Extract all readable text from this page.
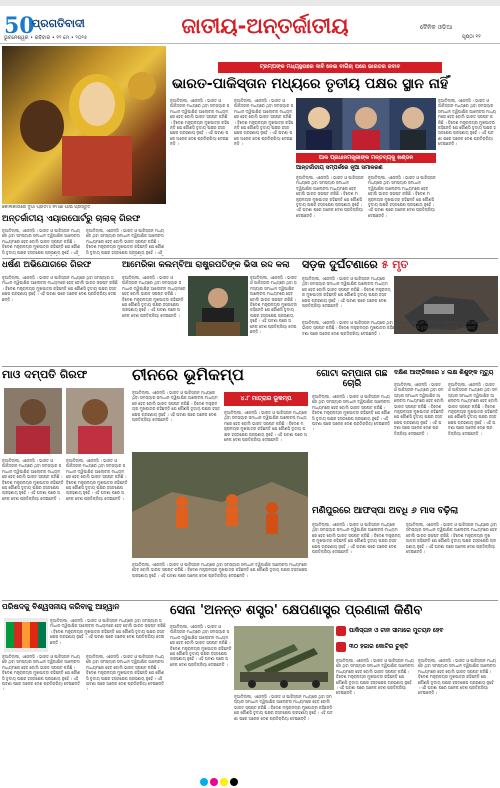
50
ପ୍ରଗତିବାଦୀ	ଜାତୀୟ-ଅନ୍ତର୍ଜାତୀୟ	ଦୈନିକ ଓଡ଼ିଆ
ଭୁବନେଶ୍ୱର • ରବିବାର • ୧୨ ମେ • ୨୦୨୫	ପୃଷ୍ଠା ୧୧
କୋଲକାତାରେ ଦୁର୍ଗା ପ୍ରତିମା ନିର୍ମାଣ ପାଇଁ ପ୍ରସ୍ତୁତି
ଅନ୍ତର୍ଜାତୀୟ ଏୟାରପୋର୍ଟରୁ ଚାଲାକ୍ ଗିରଫ
ନୂଆଦିଲ୍ଲୀ, ଏଜେନ୍ସି । ଭାରତ ଓ ପାକିସ୍ତାନ ମଧ୍ୟରେ ଥିବା ସମସ୍ୟାର ସମାଧାନ ଦ୍ୱିପାକ୍ଷିକ ଆଲୋଚନା ମାଧ୍ୟମରେ ହେବ ବୋଲି ଭାରତ ସ୍ପଷ୍ଟ କରିଛି । ବିଦେଶ ମନ୍ତ୍ରାଳୟର ମୁଖପାତ୍ର କହିଛନ୍ତି ଯେ କୌଣସି ତୃତୀୟ ପକ୍ଷର ହସ୍ତକ୍ଷେପ ଗ୍ରହଣୀୟ ନୁହେଁ । ଏହି
ନୂଆଦିଲ୍ଲୀ, ଏଜେନ୍ସି । ଭାରତ ଓ ପାକିସ୍ତାନ ମଧ୍ୟରେ ଥିବା ସମସ୍ୟାର ସମାଧାନ ଦ୍ୱିପାକ୍ଷିକ ଆଲୋଚନା ମାଧ୍ୟମରେ ହେବ ବୋଲି ଭାରତ ସ୍ପଷ୍ଟ କରିଛି । ବିଦେଶ ମନ୍ତ୍ରାଳୟର ମୁଖପାତ୍ର କହିଛନ୍ତି ଯେ କୌଣସି ତୃତୀୟ ପକ୍ଷର ହସ୍ତକ୍ଷେପ ଗ୍ରହଣୀୟ ନୁହେଁ । ଏହି
ଟ୍ରମ୍ପଙ୍କ ମଧ୍ୟସ୍ଥତାରେ ଦାବି ନେଇ ବାଗିଚା ଘରେ ଭାରତର ଜବାବ
ଭାରତ-ପାକିସ୍ତାନ ମଧ୍ୟରେ ତୃତୀୟ ପକ୍ଷର ସ୍ଥାନ ନାହିଁ
ନୂଆଦିଲ୍ଲୀ, ଏଜେନ୍ସି । ଭାରତ ଓ ପାକିସ୍ତାନ ମଧ୍ୟରେ ଥିବା ସମସ୍ୟାର ସମାଧାନ ଦ୍ୱିପାକ୍ଷିକ ଆଲୋଚନା ମାଧ୍ୟମରେ ହେବ ବୋଲି ଭାରତ ସ୍ପଷ୍ଟ କରିଛି । ବିଦେଶ ମନ୍ତ୍ରାଳୟର ମୁଖପାତ୍ର କହିଛନ୍ତି ଯେ କୌଣସି ତୃତୀୟ ପକ୍ଷର ହସ୍ତକ୍ଷେପ ଗ୍ରହଣୀୟ ନୁହେଁ । ଏହି ଘଟଣା ପରେ ଅନେକ ଦେଶ ପ୍ରତିକ୍ରିୟା ଦେଇଛନ୍ତି ।
ନୂଆଦିଲ୍ଲୀ, ଏଜେନ୍ସି । ଭାରତ ଓ ପାକିସ୍ତାନ ମଧ୍ୟରେ ଥିବା ସମସ୍ୟାର ସମାଧାନ ଦ୍ୱିପାକ୍ଷିକ ଆଲୋଚନା ମାଧ୍ୟମରେ ହେବ ବୋଲି ଭାରତ ସ୍ପଷ୍ଟ କରିଛି । ବିଦେଶ ମନ୍ତ୍ରାଳୟର ମୁଖପାତ୍ର କହିଛନ୍ତି ଯେ କୌଣସି ତୃତୀୟ ପକ୍ଷର ହସ୍ତକ୍ଷେପ ଗ୍ରହଣୀୟ ନୁହେଁ । ଏହି ଘଟଣା ପରେ ଅନେକ ଦେଶ ପ୍ରତିକ୍ରିୟା ଦେଇଛନ୍ତି ।
ନୂଆଦିଲ୍ଲୀ, ଏଜେନ୍ସି । ଭାରତ ଓ ପାକିସ୍ତାନ ମଧ୍ୟରେ ଥିବା ସମସ୍ୟାର ସମାଧାନ ଦ୍ୱିପାକ୍ଷିକ ଆଲୋଚନା ମାଧ୍ୟମରେ ହେବ ବୋଲି ଭାରତ ସ୍ପଷ୍ଟ କରିଛି । ବିଦେଶ ମନ୍ତ୍ରାଳୟର ମୁଖପାତ୍ର କହିଛନ୍ତି ଯେ କୌଣସି ତୃତୀୟ ପକ୍ଷର ହସ୍ତକ୍ଷେପ ଗ୍ରହଣୀୟ ନୁହେଁ । ଏହି ଘଟଣା ପରେ ଅନେକ ଦେଶ ପ୍ରତିକ୍ରିୟା ଦେଇଛନ୍ତି ।
ପାକ ପ୍ରଧାନମନ୍ତ୍ରୀଙ୍କ ମନ୍ତବ୍ୟକୁ ଖଣ୍ଡନ
ଆନ୍ତର୍ଜାତୀୟ ସମ୍ପର୍କରେ ନୂଆ ସମୀକରଣ
ନୂଆଦିଲ୍ଲୀ, ଏଜେନ୍ସି । ଭାରତ ଓ ପାକିସ୍ତାନ ମଧ୍ୟରେ ଥିବା ସମସ୍ୟାର ସମାଧାନ ଦ୍ୱିପାକ୍ଷିକ ଆଲୋଚନା ମାଧ୍ୟମରେ ହେବ ବୋଲି ଭାରତ ସ୍ପଷ୍ଟ କରିଛି । ବିଦେଶ ମନ୍ତ୍ରାଳୟର ମୁଖପାତ୍ର କହିଛନ୍ତି ଯେ କୌଣସି ତୃତୀୟ ପକ୍ଷର ହସ୍ତକ୍ଷେପ ଗ୍ରହଣୀୟ ନୁହେଁ । ଏହି ଘଟଣା ପରେ ଅନେକ ଦେଶ ପ୍ରତିକ୍ରିୟା ଦେଇଛନ୍ତି ।
ନୂଆଦିଲ୍ଲୀ, ଏଜେନ୍ସି । ଭାରତ ଓ ପାକିସ୍ତାନ ମଧ୍ୟରେ ଥିବା ସମସ୍ୟାର ସମାଧାନ ଦ୍ୱିପାକ୍ଷିକ ଆଲୋଚନା ମାଧ୍ୟମରେ ହେବ ବୋଲି ଭାରତ ସ୍ପଷ୍ଟ କରିଛି । ବିଦେଶ ମନ୍ତ୍ରାଳୟର ମୁଖପାତ୍ର କହିଛନ୍ତି ଯେ କୌଣସି ତୃତୀୟ ପକ୍ଷର ହସ୍ତକ୍ଷେପ ଗ୍ରହଣୀୟ ନୁହେଁ । ଏହି ଘଟଣା ପରେ ଅନେକ ଦେଶ ପ୍ରତିକ୍ରିୟା ଦେଇଛନ୍ତି ।
ଧର୍ଷଣ ଅଭିଯୋଗରେ ଗିରଫ
ନୂଆଦିଲ୍ଲୀ, ଏଜେନ୍ସି । ଭାରତ ଓ ପାକିସ୍ତାନ ମଧ୍ୟରେ ଥିବା ସମସ୍ୟାର ସମାଧାନ ଦ୍ୱିପାକ୍ଷିକ ଆଲୋଚନା ମାଧ୍ୟମରେ ହେବ ବୋଲି ଭାରତ ସ୍ପଷ୍ଟ କରିଛି । ବିଦେଶ ମନ୍ତ୍ରାଳୟର ମୁଖପାତ୍ର କହିଛନ୍ତି ଯେ କୌଣସି ତୃତୀୟ ପକ୍ଷର ହସ୍ତକ୍ଷେପ ଗ୍ରହଣୀୟ ନୁହେଁ । ଏହି ଘଟଣା ପରେ ଅନେକ ଦେଶ ପ୍ରତିକ୍ରିୟା ଦେଇଛନ୍ତି ।
ଆମେରିକା କଲମ୍ବିଆ ରାଷ୍ଟ୍ରପତିଙ୍କ ଭିସା ରଦ୍ଦ କଲା
ନୂଆଦିଲ୍ଲୀ, ଏଜେନ୍ସି । ଭାରତ ଓ ପାକିସ୍ତାନ ମଧ୍ୟରେ ଥିବା ସମସ୍ୟାର ସମାଧାନ ଦ୍ୱିପାକ୍ଷିକ ଆଲୋଚନା ମାଧ୍ୟମରେ ହେବ ବୋଲି ଭାରତ ସ୍ପଷ୍ଟ କରିଛି । ବିଦେଶ ମନ୍ତ୍ରାଳୟର ମୁଖପାତ୍ର କହିଛନ୍ତି ଯେ କୌଣସି ତୃତୀୟ ପକ୍ଷର ହସ୍ତକ୍ଷେପ ଗ୍ରହଣୀୟ ନୁହେଁ । ଏହି ଘଟଣା ପରେ ଅନେକ ଦେଶ ପ୍ରତିକ୍ରିୟା ଦେଇଛନ୍ତି ।
ନୂଆଦିଲ୍ଲୀ, ଏଜେନ୍ସି । ଭାରତ ଓ ପାକିସ୍ତାନ ମଧ୍ୟରେ ଥିବା ସମସ୍ୟାର ସମାଧାନ ଦ୍ୱିପାକ୍ଷିକ ଆଲୋଚନା ମାଧ୍ୟମରେ ହେବ ବୋଲି ଭାରତ ସ୍ପଷ୍ଟ କରିଛି । ବିଦେଶ ମନ୍ତ୍ରାଳୟର ମୁଖପାତ୍ର କହିଛନ୍ତି ଯେ କୌଣସି ତୃତୀୟ ପକ୍ଷର ହସ୍ତକ୍ଷେପ ଗ୍ରହଣୀୟ ନୁହେଁ । ଏହି ଘଟଣା ପରେ ଅନେକ ଦେଶ ପ୍ରତିକ୍ରିୟା ଦେଇଛନ୍ତି ।
ସଡ଼କ ଦୁର୍ଘଟଣାରେ ୫ ମୃତ
ନୂଆଦିଲ୍ଲୀ, ଏଜେନ୍ସି । ଭାରତ ଓ ପାକିସ୍ତାନ ମଧ୍ୟରେ ଥିବା ସମସ୍ୟାର ସମାଧାନ ଦ୍ୱିପାକ୍ଷିକ ଆଲୋଚନା ମାଧ୍ୟମରେ ହେବ ବୋଲି ଭାରତ ସ୍ପଷ୍ଟ କରିଛି । ବିଦେଶ ମନ୍ତ୍ରାଳୟର ମୁଖପାତ୍ର କହିଛନ୍ତି ଯେ କୌଣସି ତୃତୀୟ ପକ୍ଷର ହସ୍ତକ୍ଷେପ ଗ୍ରହଣୀୟ ନୁହେଁ । ଏହି ଘଟଣା ପରେ ଅନେକ ଦେଶ ପ୍ରତିକ୍ରିୟା ଦେଇଛନ୍ତି ।
ନୂଆଦିଲ୍ଲୀ, ଏଜେନ୍ସି । ଭାରତ ଓ ପାକିସ୍ତାନ ମଧ୍ୟରେ ଥିବା ସମସ୍ୟାର ସମାଧାନ ଦ୍ୱିପାକ୍ଷିକ ଆଲୋଚନା ମାଧ୍ୟମରେ ହେବ ବୋଲି ଭାରତ ସ୍ପଷ୍ଟ କରିଛି । ବିଦେଶ ମନ୍ତ୍ରାଳୟର ମୁଖପାତ୍ର କହିଛନ୍ତି ଯେ କୌଣସି ତୃତୀୟ ପକ୍ଷର ହସ୍ତକ୍ଷେପ ଗ୍ରହଣୀୟ ନୁହେଁ । ଏହି ଘଟଣା ପରେ ଅନେକ ଦେଶ ପ୍ରତିକ୍ରିୟା ଦେଇଛନ୍ତି ।
ମାଓ ଦମ୍ପତି ଗିରଫ
ନୂଆଦିଲ୍ଲୀ, ଏଜେନ୍ସି । ଭାରତ ଓ ପାକିସ୍ତାନ ମଧ୍ୟରେ ଥିବା ସମସ୍ୟାର ସମାଧାନ ଦ୍ୱିପାକ୍ଷିକ ଆଲୋଚନା ମାଧ୍ୟମରେ ହେବ ବୋଲି ଭାରତ ସ୍ପଷ୍ଟ କରିଛି । ବିଦେଶ ମନ୍ତ୍ରାଳୟର ମୁଖପାତ୍ର କହିଛନ୍ତି ଯେ କୌଣସି ତୃତୀୟ ପକ୍ଷର ହସ୍ତକ୍ଷେପ ଗ୍ରହଣୀୟ ନୁହେଁ । ଏହି ଘଟଣା ପରେ ଅନେକ ଦେଶ ପ୍ରତିକ୍ରିୟା ଦେଇଛନ୍ତି ।
ନୂଆଦିଲ୍ଲୀ, ଏଜେନ୍ସି । ଭାରତ ଓ ପାକିସ୍ତାନ ମଧ୍ୟରେ ଥିବା ସମସ୍ୟାର ସମାଧାନ ଦ୍ୱିପାକ୍ଷିକ ଆଲୋଚନା ମାଧ୍ୟମରେ ହେବ ବୋଲି ଭାରତ ସ୍ପଷ୍ଟ କରିଛି । ବିଦେଶ ମନ୍ତ୍ରାଳୟର ମୁଖପାତ୍ର କହିଛନ୍ତି ଯେ କୌଣସି ତୃତୀୟ ପକ୍ଷର ହସ୍ତକ୍ଷେପ ଗ୍ରହଣୀୟ ନୁହେଁ । ଏହି ଘଟଣା ପରେ ଅନେକ ଦେଶ ପ୍ରତିକ୍ରିୟା ଦେଇଛନ୍ତି ।
ଚୀନରେ ଭୂମିକମ୍ପ
ନୂଆଦିଲ୍ଲୀ, ଏଜେନ୍ସି । ଭାରତ ଓ ପାକିସ୍ତାନ ମଧ୍ୟରେ ଥିବା ସମସ୍ୟାର ସମାଧାନ ଦ୍ୱିପାକ୍ଷିକ ଆଲୋଚନା ମାଧ୍ୟମରେ ହେବ ବୋଲି ଭାରତ ସ୍ପଷ୍ଟ କରିଛି । ବିଦେଶ ମନ୍ତ୍ରାଳୟର ମୁଖପାତ୍ର କହିଛନ୍ତି ଯେ କୌଣସି ତୃତୀୟ ପକ୍ଷର ହସ୍ତକ୍ଷେପ ଗ୍ରହଣୀୟ ନୁହେଁ । ଏହି ଘଟଣା ପରେ ଅନେକ ଦେଶ ପ୍ରତିକ୍ରିୟା ଦେଇଛନ୍ତି ।
୪.୮ ମାତ୍ରାର ଭୂକମ୍ପ
ନୂଆଦିଲ୍ଲୀ, ଏଜେନ୍ସି । ଭାରତ ଓ ପାକିସ୍ତାନ ମଧ୍ୟରେ ଥିବା ସମସ୍ୟାର ସମାଧାନ ଦ୍ୱିପାକ୍ଷିକ ଆଲୋଚନା ମାଧ୍ୟମରେ ହେବ ବୋଲି ଭାରତ ସ୍ପଷ୍ଟ କରିଛି । ବିଦେଶ ମନ୍ତ୍ରାଳୟର ମୁଖପାତ୍ର କହିଛନ୍ତି ଯେ କୌଣସି ତୃତୀୟ ପକ୍ଷର ହସ୍ତକ୍ଷେପ ଗ୍ରହଣୀୟ ନୁହେଁ । ଏହି ଘଟଣା ପରେ ଅନେକ ଦେଶ ପ୍ରତିକ୍ରିୟା ଦେଇଛନ୍ତି ।
ନୂଆଦିଲ୍ଲୀ, ଏଜେନ୍ସି । ଭାରତ ଓ ପାକିସ୍ତାନ ମଧ୍ୟରେ ଥିବା ସମସ୍ୟାର ସମାଧାନ ଦ୍ୱିପାକ୍ଷିକ ଆଲୋଚନା ମାଧ୍ୟମରେ ହେବ ବୋଲି ଭାରତ ସ୍ପଷ୍ଟ କରିଛି । ବିଦେଶ ମନ୍ତ୍ରାଳୟର ମୁଖପାତ୍ର କହିଛନ୍ତି ଯେ କୌଣସି ତୃତୀୟ ପକ୍ଷର ହସ୍ତକ୍ଷେପ ଗ୍ରହଣୀୟ ନୁହେଁ । ଏହି ଘଟଣା ପରେ ଅନେକ ଦେଶ ପ୍ରତିକ୍ରିୟା ଦେଇଛନ୍ତି ।
ଗୋଟା କମ୍ପାନୀ ଗଛ ଚୋରି
ନୂଆଦିଲ୍ଲୀ, ଏଜେନ୍ସି । ଭାରତ ଓ ପାକିସ୍ତାନ ମଧ୍ୟରେ ଥିବା ସମସ୍ୟାର ସମାଧାନ ଦ୍ୱିପାକ୍ଷିକ ଆଲୋଚନା ମାଧ୍ୟମରେ ହେବ ବୋଲି ଭାରତ ସ୍ପଷ୍ଟ କରିଛି । ବିଦେଶ ମନ୍ତ୍ରାଳୟର ମୁଖପାତ୍ର କହିଛନ୍ତି ଯେ କୌଣସି ତୃତୀୟ ପକ୍ଷର ହସ୍ତକ୍ଷେପ ଗ୍ରହଣୀୟ ନୁହେଁ । ଏହି ଘଟଣା ପରେ ଅନେକ ଦେଶ ପ୍ରତିକ୍ରିୟା ଦେଇଛନ୍ତି ।
ଦକ୍ଷିଣ ଆଫ୍ରିକାରେ ୪ ଲକ୍ଷ ଶିଶୁଙ୍କ ମୃତ୍ୟୁ
ନୂଆଦିଲ୍ଲୀ, ଏଜେନ୍ସି । ଭାରତ ଓ ପାକିସ୍ତାନ ମଧ୍ୟରେ ଥିବା ସମସ୍ୟାର ସମାଧାନ ଦ୍ୱିପାକ୍ଷିକ ଆଲୋଚନା ମାଧ୍ୟମରେ ହେବ ବୋଲି ଭାରତ ସ୍ପଷ୍ଟ କରିଛି । ବିଦେଶ ମନ୍ତ୍ରାଳୟର ମୁଖପାତ୍ର କହିଛନ୍ତି ଯେ କୌଣସି ତୃତୀୟ ପକ୍ଷର ହସ୍ତକ୍ଷେପ ଗ୍ରହଣୀୟ ନୁହେଁ । ଏହି ଘଟଣା ପରେ ଅନେକ ଦେଶ ପ୍ରତିକ୍ରିୟା ଦେଇଛନ୍ତି ।
ନୂଆଦିଲ୍ଲୀ, ଏଜେନ୍ସି । ଭାରତ ଓ ପାକିସ୍ତାନ ମଧ୍ୟରେ ଥିବା ସମସ୍ୟାର ସମାଧାନ ଦ୍ୱିପାକ୍ଷିକ ଆଲୋଚନା ମାଧ୍ୟମରେ ହେବ ବୋଲି ଭାରତ ସ୍ପଷ୍ଟ କରିଛି । ବିଦେଶ ମନ୍ତ୍ରାଳୟର ମୁଖପାତ୍ର କହିଛନ୍ତି ଯେ କୌଣସି ତୃତୀୟ ପକ୍ଷର ହସ୍ତକ୍ଷେପ ଗ୍ରହଣୀୟ ନୁହେଁ । ଏହି ଘଟଣା ପରେ ଅନେକ ଦେଶ ପ୍ରତିକ୍ରିୟା ଦେଇଛନ୍ତି ।
ମଣିପୁରରେ ଆଫସ୍ପା ଅବଧି ୬ ମାସ ବଢ଼ିଲା
ନୂଆଦିଲ୍ଲୀ, ଏଜେନ୍ସି । ଭାରତ ଓ ପାକିସ୍ତାନ ମଧ୍ୟରେ ଥିବା ସମସ୍ୟାର ସମାଧାନ ଦ୍ୱିପାକ୍ଷିକ ଆଲୋଚନା ମାଧ୍ୟମରେ ହେବ ବୋଲି ଭାରତ ସ୍ପଷ୍ଟ କରିଛି । ବିଦେଶ ମନ୍ତ୍ରାଳୟର ମୁଖପାତ୍ର କହିଛନ୍ତି ଯେ କୌଣସି ତୃତୀୟ ପକ୍ଷର ହସ୍ତକ୍ଷେପ ଗ୍ରହଣୀୟ ନୁହେଁ । ଏହି ଘଟଣା ପରେ ଅନେକ ଦେଶ ପ୍ରତିକ୍ରିୟା ଦେଇଛନ୍ତି ।
ନୂଆଦିଲ୍ଲୀ, ଏଜେନ୍ସି । ଭାରତ ଓ ପାକିସ୍ତାନ ମଧ୍ୟରେ ଥିବା ସମସ୍ୟାର ସମାଧାନ ଦ୍ୱିପାକ୍ଷିକ ଆଲୋଚନା ମାଧ୍ୟମରେ ହେବ ବୋଲି ଭାରତ ସ୍ପଷ୍ଟ କରିଛି । ବିଦେଶ ମନ୍ତ୍ରାଳୟର ମୁଖପାତ୍ର କହିଛନ୍ତି ଯେ କୌଣସି ତୃତୀୟ ପକ୍ଷର ହସ୍ତକ୍ଷେପ ଗ୍ରହଣୀୟ ନୁହେଁ । ଏହି ଘଟଣା ପରେ ଅନେକ ଦେଶ ପ୍ରତିକ୍ରିୟା ଦେଇଛନ୍ତି ।
ପରିଷଦକୁ ବିଶ୍ୱସନୀୟ କରିବାକୁ ଆହ୍ୱାନ
ନୂଆଦିଲ୍ଲୀ, ଏଜେନ୍ସି । ଭାରତ ଓ ପାକିସ୍ତାନ ମଧ୍ୟରେ ଥିବା ସମସ୍ୟାର ସମାଧାନ ଦ୍ୱିପାକ୍ଷିକ ଆଲୋଚନା ମାଧ୍ୟମରେ ହେବ ବୋଲି ଭାରତ ସ୍ପଷ୍ଟ କରିଛି । ବିଦେଶ ମନ୍ତ୍ରାଳୟର ମୁଖପାତ୍ର କହିଛନ୍ତି ଯେ କୌଣସି ତୃତୀୟ ପକ୍ଷର ହସ୍ତକ୍ଷେପ ଗ୍ରହଣୀୟ ନୁହେଁ । ଏହି ଘଟଣା ପରେ ଅନେକ ଦେଶ ପ୍ରତିକ୍ରିୟା ଦେଇଛନ୍ତି ।
ନୂଆଦିଲ୍ଲୀ, ଏଜେନ୍ସି । ଭାରତ ଓ ପାକିସ୍ତାନ ମଧ୍ୟରେ ଥିବା ସମସ୍ୟାର ସମାଧାନ ଦ୍ୱିପାକ୍ଷିକ ଆଲୋଚନା ମାଧ୍ୟମରେ ହେବ ବୋଲି ଭାରତ ସ୍ପଷ୍ଟ କରିଛି । ବିଦେଶ ମନ୍ତ୍ରାଳୟର ମୁଖପାତ୍ର କହିଛନ୍ତି ଯେ କୌଣସି ତୃତୀୟ ପକ୍ଷର ହସ୍ତକ୍ଷେପ ଗ୍ରହଣୀୟ ନୁହେଁ । ଏହି ଘଟଣା ପରେ ଅନେକ ଦେଶ ପ୍ରତିକ୍ରିୟା ଦେଇଛନ୍ତି ।
ନୂଆଦିଲ୍ଲୀ, ଏଜେନ୍ସି । ଭାରତ ଓ ପାକିସ୍ତାନ ମଧ୍ୟରେ ଥିବା ସମସ୍ୟାର ସମାଧାନ ଦ୍ୱିପାକ୍ଷିକ ଆଲୋଚନା ମାଧ୍ୟମରେ ହେବ ବୋଲି ଭାରତ ସ୍ପଷ୍ଟ କରିଛି । ବିଦେଶ ମନ୍ତ୍ରାଳୟର ମୁଖପାତ୍ର କହିଛନ୍ତି ଯେ କୌଣସି ତୃତୀୟ ପକ୍ଷର ହସ୍ତକ୍ଷେପ ଗ୍ରହଣୀୟ ନୁହେଁ । ଏହି ଘଟଣା ପରେ ଅନେକ ଦେଶ ପ୍ରତିକ୍ରିୟା ଦେଇଛନ୍ତି ।
ସେନା 'ଅନନ୍ତ ଶସ୍ତ୍ର' କ୍ଷେପଣାସ୍ତ୍ର ପ୍ରଣାଳୀ କିଣିବ
ନୂଆଦିଲ୍ଲୀ, ଏଜେନ୍ସି । ଭାରତ ଓ ପାକିସ୍ତାନ ମଧ୍ୟରେ ଥିବା ସମସ୍ୟାର ସମାଧାନ ଦ୍ୱିପାକ୍ଷିକ ଆଲୋଚନା ମାଧ୍ୟମରେ ହେବ ବୋଲି ଭାରତ ସ୍ପଷ୍ଟ କରିଛି । ବିଦେଶ ମନ୍ତ୍ରାଳୟର ମୁଖପାତ୍ର କହିଛନ୍ତି ଯେ କୌଣସି ତୃତୀୟ ପକ୍ଷର ହସ୍ତକ୍ଷେପ ଗ୍ରହଣୀୟ ନୁହେଁ । ଏହି ଘଟଣା ପରେ ଅନେକ ଦେଶ ପ୍ରତିକ୍ରିୟା ଦେଇଛନ୍ତି ।
ନୂଆଦିଲ୍ଲୀ, ଏଜେନ୍ସି । ଭାରତ ଓ ପାକିସ୍ତାନ ମଧ୍ୟରେ ଥିବା ସମସ୍ୟାର ସମାଧାନ ଦ୍ୱିପାକ୍ଷିକ ଆଲୋଚନା ମାଧ୍ୟମରେ ହେବ ବୋଲି ଭାରତ ସ୍ପଷ୍ଟ କରିଛି । ବିଦେଶ ମନ୍ତ୍ରାଳୟର ମୁଖପାତ୍ର କହିଛନ୍ତି ଯେ କୌଣସି ତୃତୀୟ ପକ୍ଷର ହସ୍ତକ୍ଷେପ ଗ୍ରହଣୀୟ ନୁହେଁ । ଏହି ଘଟଣା ପରେ ଅନେକ ଦେଶ ପ୍ରତିକ୍ରିୟା ଦେଇଛନ୍ତି ।
ପାକିସ୍ତାନ ଓ ଚୀନ ସୀମାରେ ମୁତୟନ ହେବ
୩୦ ହଜାର କୋଟିର ଚୁକ୍ତି
ନୂଆଦିଲ୍ଲୀ, ଏଜେନ୍ସି । ଭାରତ ଓ ପାକିସ୍ତାନ ମଧ୍ୟରେ ଥିବା ସମସ୍ୟାର ସମାଧାନ ଦ୍ୱିପାକ୍ଷିକ ଆଲୋଚନା ମାଧ୍ୟମରେ ହେବ ବୋଲି ଭାରତ ସ୍ପଷ୍ଟ କରିଛି । ବିଦେଶ ମନ୍ତ୍ରାଳୟର ମୁଖପାତ୍ର କହିଛନ୍ତି ଯେ କୌଣସି ତୃତୀୟ ପକ୍ଷର ହସ୍ତକ୍ଷେପ ଗ୍ରହଣୀୟ ନୁହେଁ । ଏହି ଘଟଣା ପରେ ଅନେକ ଦେଶ ପ୍ରତିକ୍ରିୟା ଦେଇଛନ୍ତି ।
ନୂଆଦିଲ୍ଲୀ, ଏଜେନ୍ସି । ଭାରତ ଓ ପାକିସ୍ତାନ ମଧ୍ୟରେ ଥିବା ସମସ୍ୟାର ସମାଧାନ ଦ୍ୱିପାକ୍ଷିକ ଆଲୋଚନା ମାଧ୍ୟମରେ ହେବ ବୋଲି ଭାରତ ସ୍ପଷ୍ଟ କରିଛି । ବିଦେଶ ମନ୍ତ୍ରାଳୟର ମୁଖପାତ୍ର କହିଛନ୍ତି ଯେ କୌଣସି ତୃତୀୟ ପକ୍ଷର ହସ୍ତକ୍ଷେପ ଗ୍ରହଣୀୟ ନୁହେଁ । ଏହି ଘଟଣା ପରେ ଅନେକ ଦେଶ ପ୍ରତିକ୍ରିୟା ଦେଇଛନ୍ତି ।
